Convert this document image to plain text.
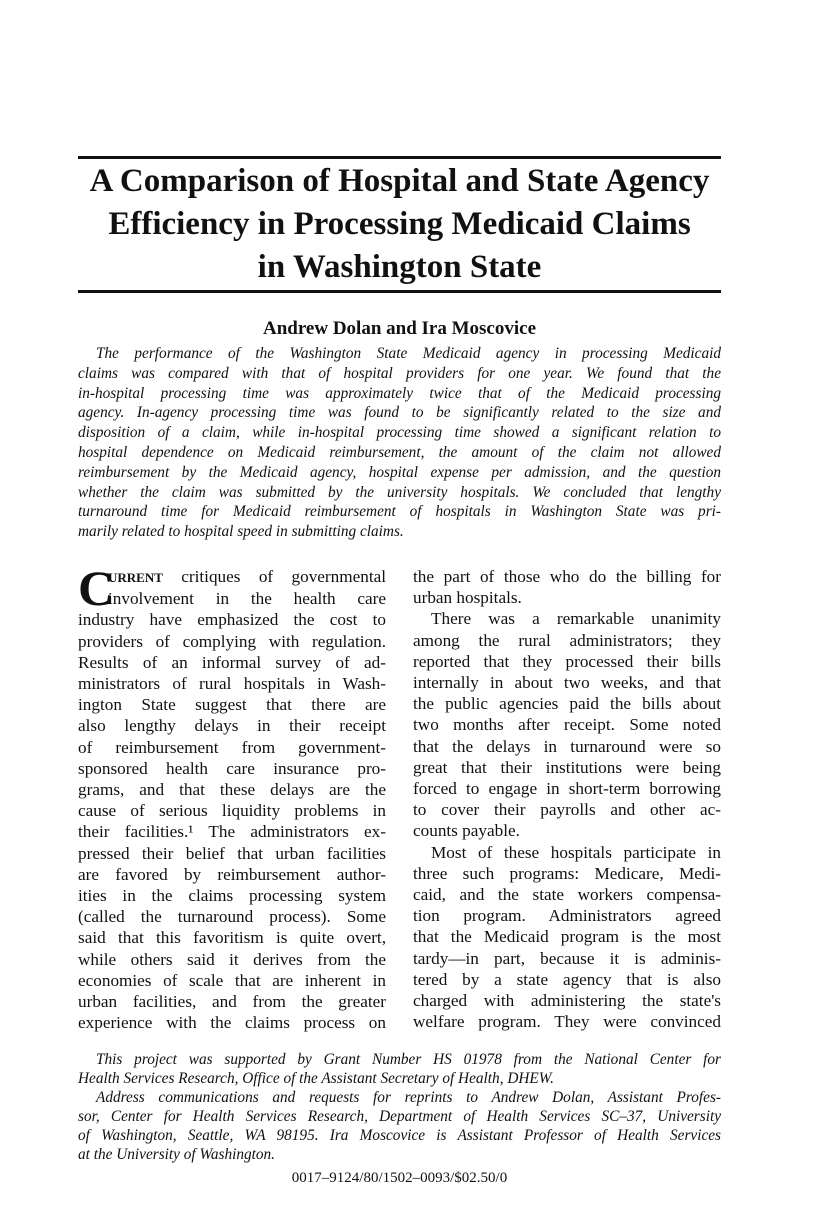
A Comparison of Hospital and State Agency
Efficiency in Processing Medicaid Claims
in Washington State
Andrew Dolan and Ira Moscovice
The performance of the Washington State Medicaid agency in processing Medicaid
claims was compared with that of hospital providers for one year. We found that the
in-hospital processing time was approximately twice that of the Medicaid processing
agency. In-agency processing time was found to be significantly related to the size and
disposition of a claim, while in-hospital processing time showed a significant relation to
hospital dependence on Medicaid reimbursement, the amount of the claim not allowed
reimbursement by the Medicaid agency, hospital expense per admission, and the question
whether the claim was submitted by the university hospitals. We concluded that lengthy
turnaround time for Medicaid reimbursement of hospitals in Washington State was pri-
marily related to hospital speed in submitting claims.
C
URRENT critiques of governmental
involvement in the health care
industry have emphasized the cost to
providers of complying with regulation.
Results of an informal survey of ad-
ministrators of rural hospitals in Wash-
ington State suggest that there are
also lengthy delays in their receipt
of reimbursement from government-
sponsored health care insurance pro-
grams, and that these delays are the
cause of serious liquidity problems in
their facilities.¹ The administrators ex-
pressed their belief that urban facilities
are favored by reimbursement author-
ities in the claims processing system
(called the turnaround process). Some
said that this favoritism is quite overt,
while others said it derives from the
economies of scale that are inherent in
urban facilities, and from the greater
experience with the claims process on
the part of those who do the billing for
urban hospitals.
There was a remarkable unanimity
among the rural administrators; they
reported that they processed their bills
internally in about two weeks, and that
the public agencies paid the bills about
two months after receipt. Some noted
that the delays in turnaround were so
great that their institutions were being
forced to engage in short-term borrowing
to cover their payrolls and other ac-
counts payable.
Most of these hospitals participate in
three such programs: Medicare, Medi-
caid, and the state workers compensa-
tion program. Administrators agreed
that the Medicaid program is the most
tardy—in part, because it is adminis-
tered by a state agency that is also
charged with administering the state's
welfare program. They were convinced
This project was supported by Grant Number HS 01978 from the National Center for
Health Services Research, Office of the Assistant Secretary of Health, DHEW.
Address communications and requests for reprints to Andrew Dolan, Assistant Profes-
sor, Center for Health Services Research, Department of Health Services SC–37, University
of Washington, Seattle, WA 98195. Ira Moscovice is Assistant Professor of Health Services
at the University of Washington.
0017–9124/80/1502–0093/$02.50/0
